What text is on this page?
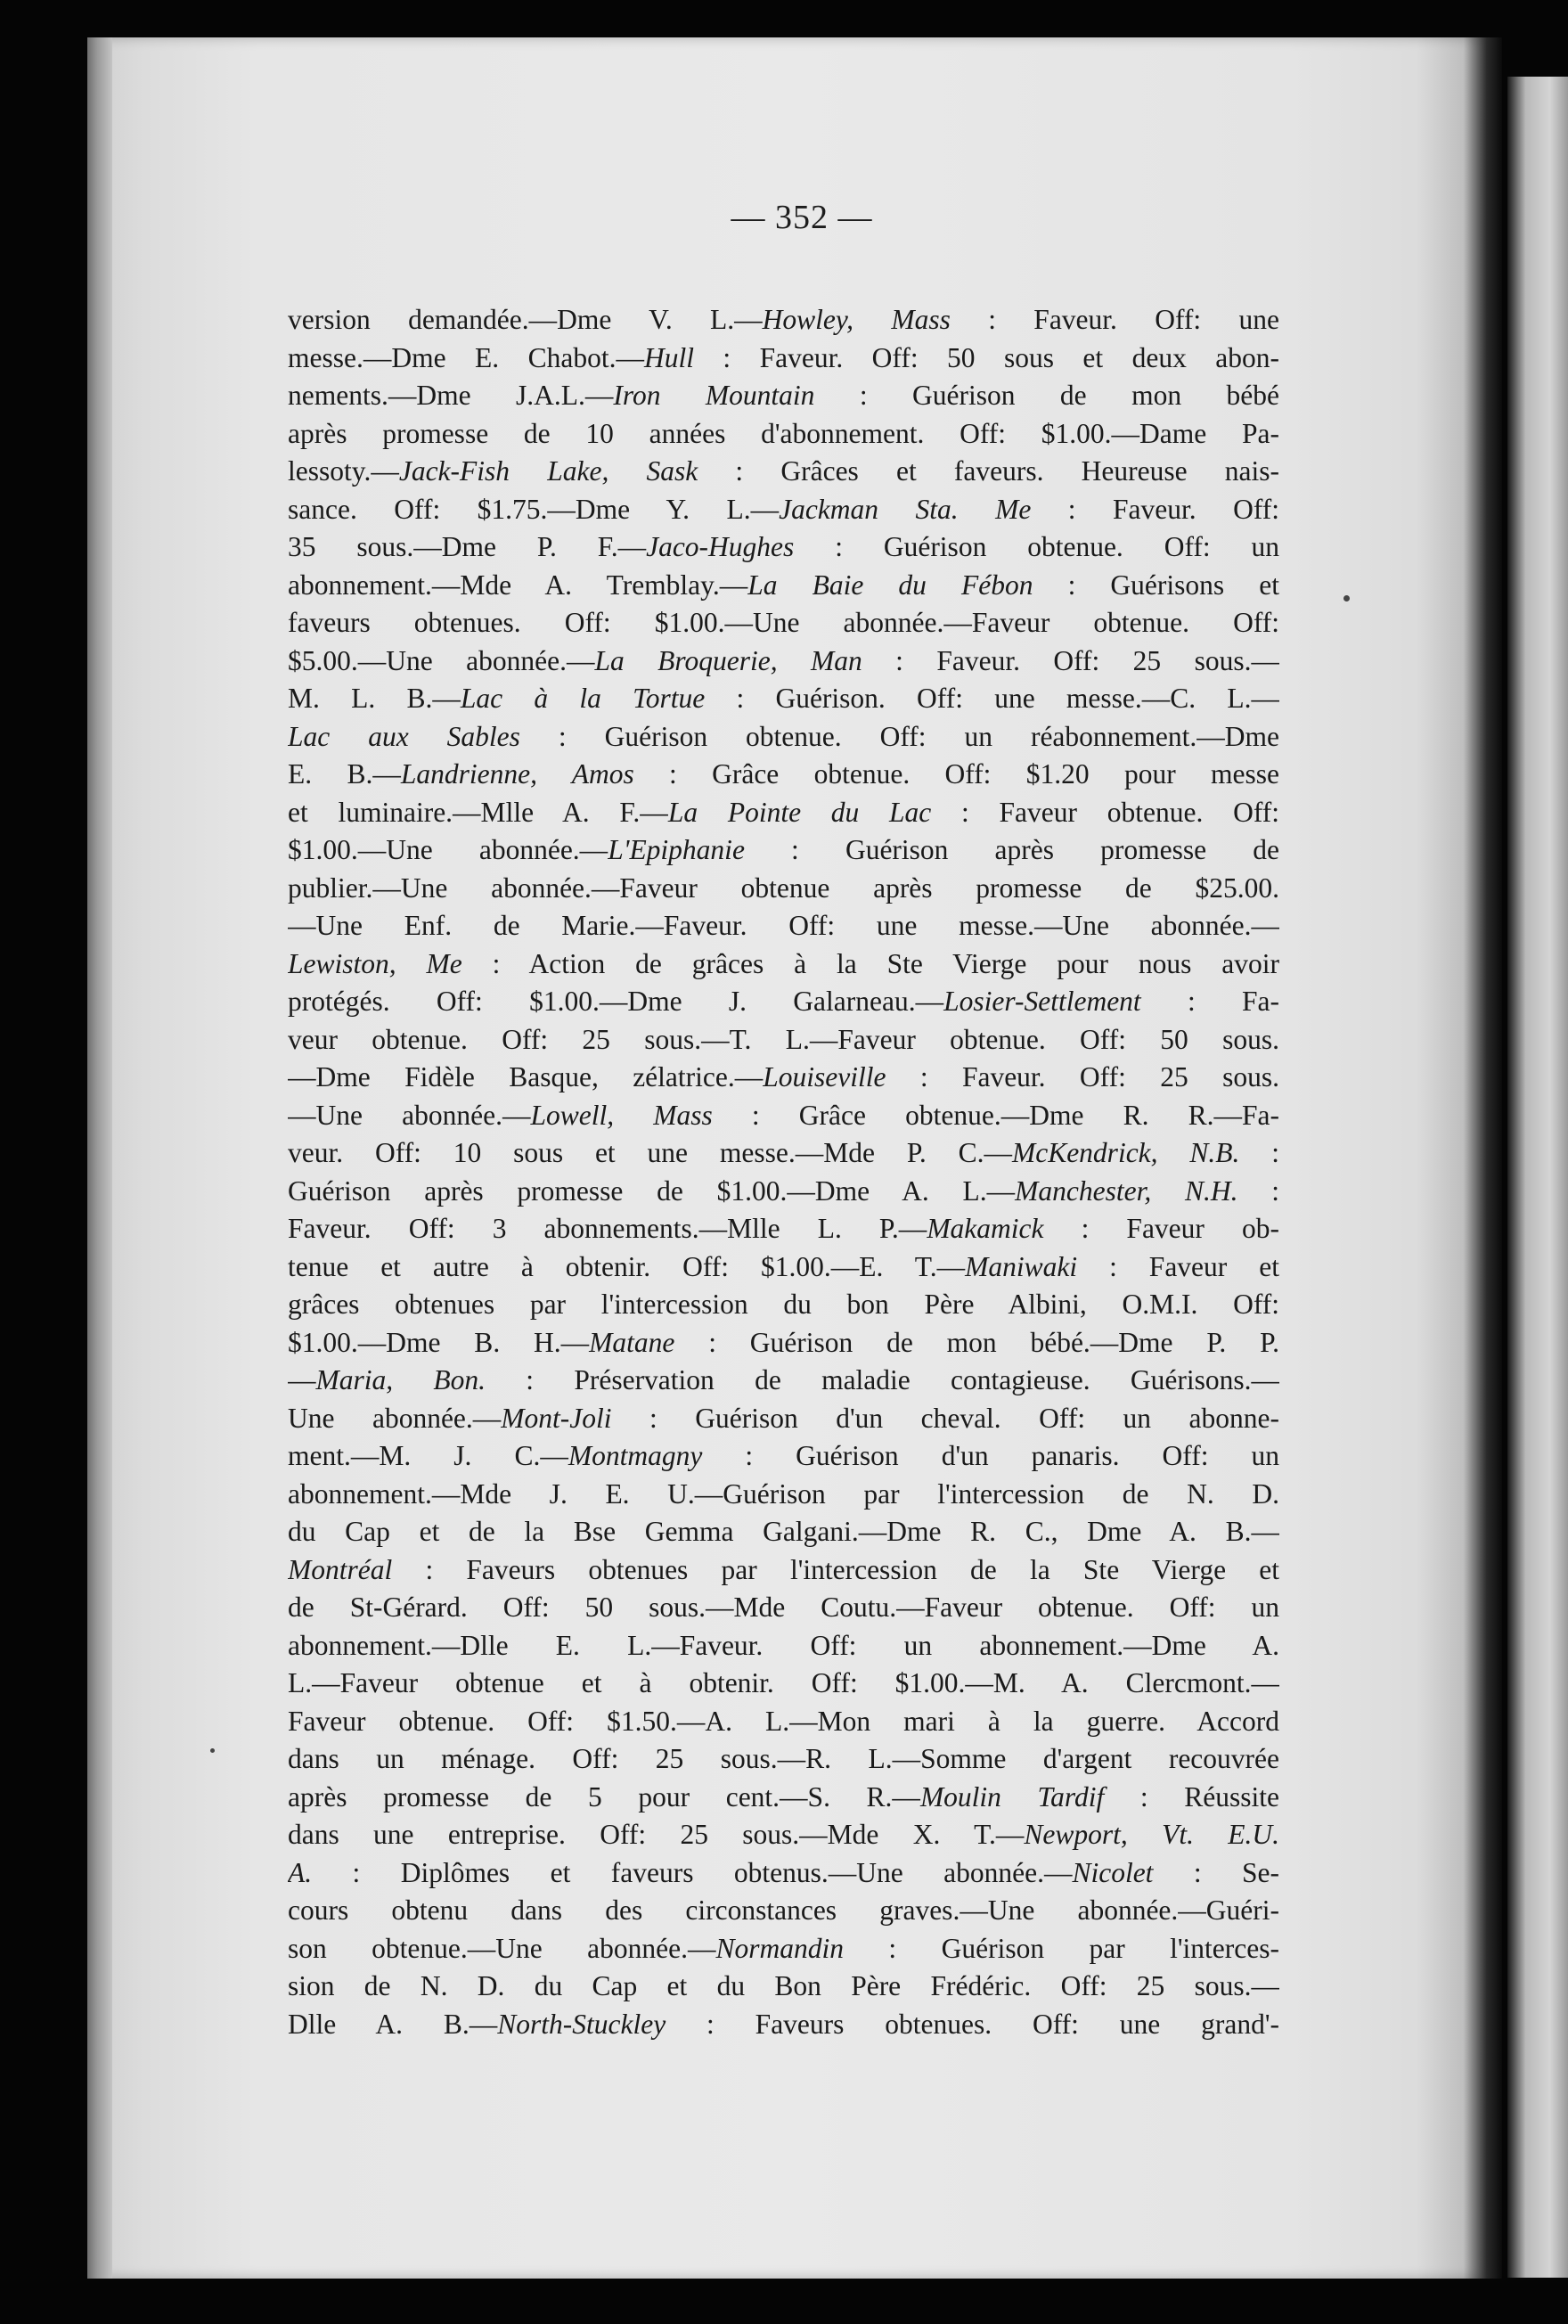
— 352 —
version demandée.—Dme V. L.—Howley, Mass : Faveur. Off: une
messe.—Dme E. Chabot.—Hull : Faveur. Off: 50 sous et deux abon-
nements.—Dme J.A.L.—Iron Mountain : Guérison de mon bébé
après promesse de 10 années d'abonnement. Off: $1.00.—Dame Pa-
lessoty.—Jack-Fish Lake, Sask : Grâces et faveurs. Heureuse nais-
sance. Off: $1.75.—Dme Y. L.—Jackman Sta. Me : Faveur. Off:
35 sous.—Dme P. F.—Jaco-Hughes : Guérison obtenue. Off: un
abonnement.—Mde A. Tremblay.—La Baie du Fébon : Guérisons et
faveurs obtenues. Off: $1.00.—Une abonnée.—Faveur obtenue. Off:
$5.00.—Une abonnée.—La Broquerie, Man : Faveur. Off: 25 sous.—
M. L. B.—Lac à la Tortue : Guérison. Off: une messe.—C. L.—
Lac aux Sables : Guérison obtenue. Off: un réabonnement.—Dme
E. B.—Landrienne, Amos : Grâce obtenue. Off: $1.20 pour messe
et luminaire.—Mlle A. F.—La Pointe du Lac : Faveur obtenue. Off:
$1.00.—Une abonnée.—L'Epiphanie : Guérison après promesse de
publier.—Une abonnée.—Faveur obtenue après promesse de $25.00.
—Une Enf. de Marie.—Faveur. Off: une messe.—Une abonnée.—
Lewiston, Me : Action de grâces à la Ste Vierge pour nous avoir
protégés. Off: $1.00.—Dme J. Galarneau.—Losier-Settlement : Fa-
veur obtenue. Off: 25 sous.—T. L.—Faveur obtenue. Off: 50 sous.
—Dme Fidèle Basque, zélatrice.—Louiseville : Faveur. Off: 25 sous.
—Une abonnée.—Lowell, Mass : Grâce obtenue.—Dme R. R.—Fa-
veur. Off: 10 sous et une messe.—Mde P. C.—McKendrick, N.B. :
Guérison après promesse de $1.00.—Dme A. L.—Manchester, N.H. :
Faveur. Off: 3 abonnements.—Mlle L. P.—Makamick : Faveur ob-
tenue et autre à obtenir. Off: $1.00.—E. T.—Maniwaki : Faveur et
grâces obtenues par l'intercession du bon Père Albini, O.M.I. Off:
$1.00.—Dme B. H.—Matane : Guérison de mon bébé.—Dme P. P.
—Maria, Bon. : Préservation de maladie contagieuse. Guérisons.—
Une abonnée.—Mont-Joli : Guérison d'un cheval. Off: un abonne-
ment.—M. J. C.—Montmagny : Guérison d'un panaris. Off: un
abonnement.—Mde J. E. U.—Guérison par l'intercession de N. D.
du Cap et de la Bse Gemma Galgani.—Dme R. C., Dme A. B.—
Montréal : Faveurs obtenues par l'intercession de la Ste Vierge et
de St-Gérard. Off: 50 sous.—Mde Coutu.—Faveur obtenue. Off: un
abonnement.—Dlle E. L.—Faveur. Off: un abonnement.—Dme A.
L.—Faveur obtenue et à obtenir. Off: $1.00.—M. A. Clercmont.—
Faveur obtenue. Off: $1.50.—A. L.—Mon mari à la guerre. Accord
dans un ménage. Off: 25 sous.—R. L.—Somme d'argent recouvrée
après promesse de 5 pour cent.—S. R.—Moulin Tardif : Réussite
dans une entreprise. Off: 25 sous.—Mde X. T.—Newport, Vt. E.U.
A. : Diplômes et faveurs obtenus.—Une abonnée.—Nicolet : Se-
cours obtenu dans des circonstances graves.—Une abonnée.—Guéri-
son obtenue.—Une abonnée.—Normandin : Guérison par l'interces-
sion de N. D. du Cap et du Bon Père Frédéric. Off: 25 sous.—
Dlle A. B.—North-Stuckley : Faveurs obtenues. Off: une grand'-
